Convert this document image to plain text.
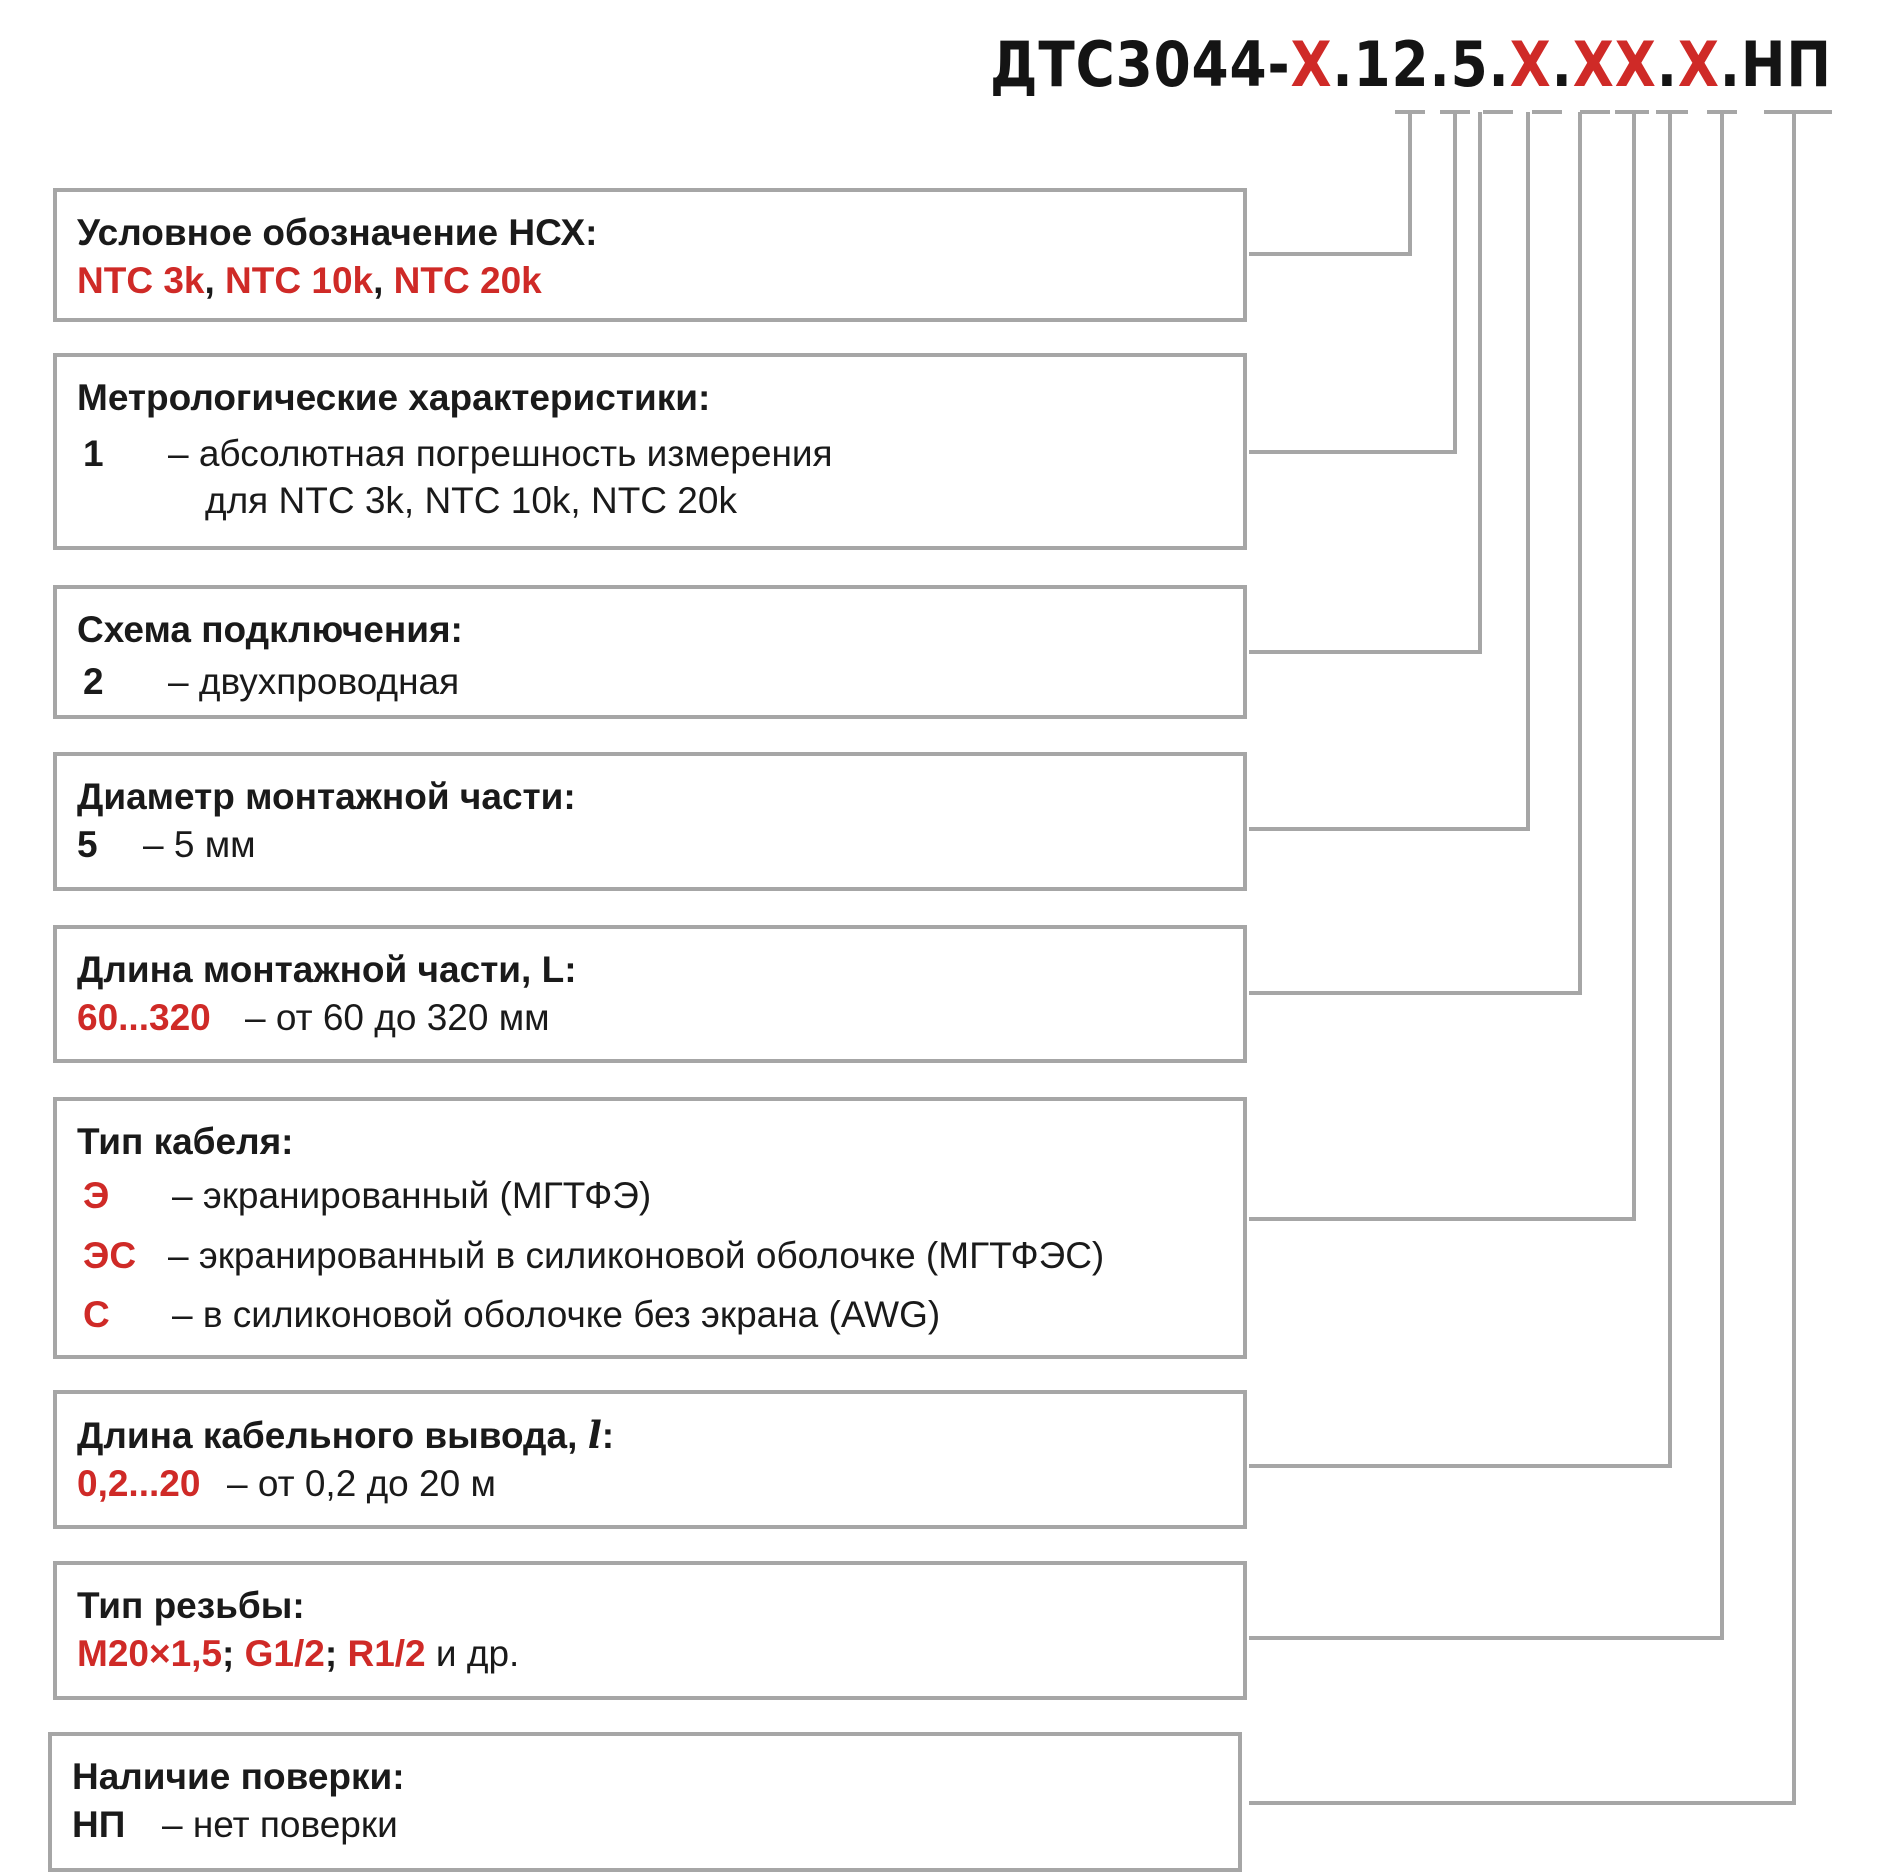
ДТС3044-X.12.5.X.XX.X.НП
Условное обозначение НСХ:
NTC 3k, NTC 10k, NTC 20k
Метрологические характеристики:
1 – абсолютная погрешность измерения
для NTC 3k, NTC 10k, NTC 20k
Схема подключения:
2 – двухпроводная
Диаметр монтажной части:
5 – 5 мм
Длина монтажной части, L:
60...320 – от 60 до 320 мм
Тип кабеля:
Э – экранированный (МГТФЭ)
ЭС – экранированный в силиконовой оболочке (МГТФЭС)
С – в силиконовой оболочке без экрана (AWG)
Длина кабельного вывода, l:
0,2...20 – от 0,2 до 20 м
Тип резьбы:
M20×1,5; G1/2; R1/2 и др.
Наличие поверки:
НП – нет поверки
